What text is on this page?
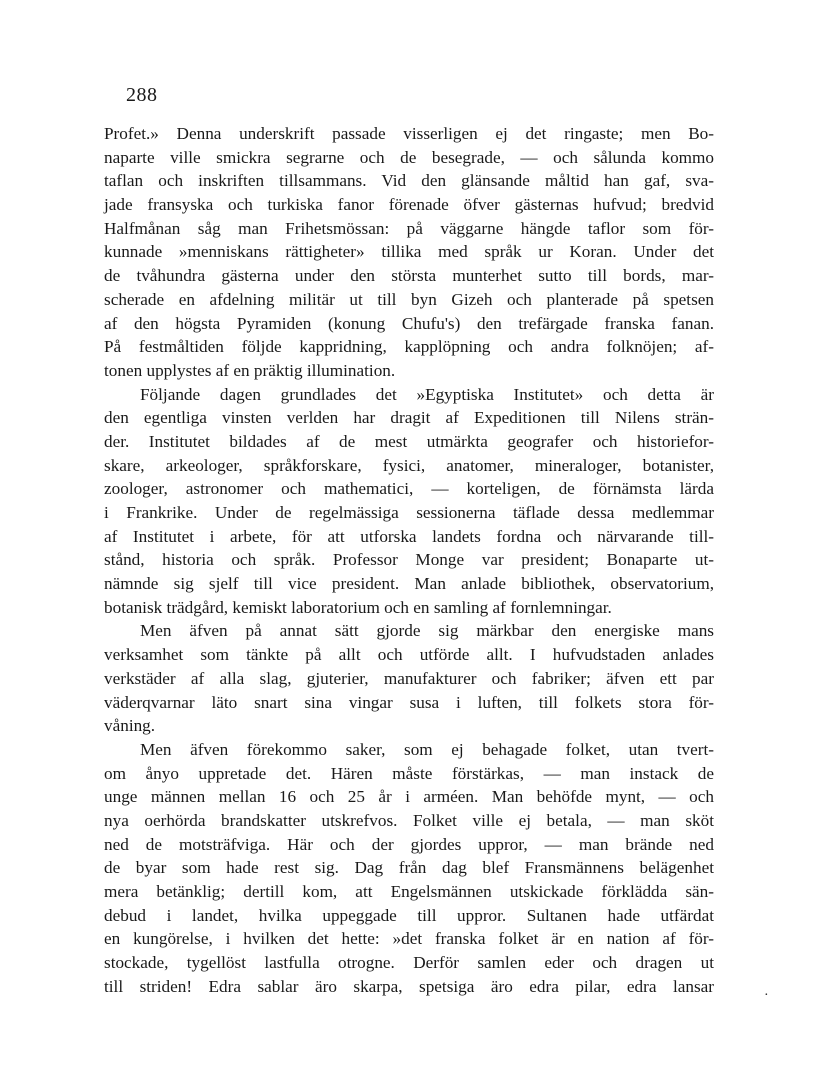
288
Profet.» Denna underskrift passade visserligen ej det ringaste; men Bo-
naparte ville smickra segrarne och de besegrade, — och sålunda kommo
taflan och inskriften tillsammans. Vid den glänsande måltid han gaf, sva-
jade fransyska och turkiska fanor förenade öfver gästernas hufvud; bredvid
Halfmånan såg man Frihetsmössan: på väggarne hängde taflor som för-
kunnade »menniskans rättigheter» tillika med språk ur Koran. Under det
de tvåhundra gästerna under den största munterhet sutto till bords, mar-
scherade en afdelning militär ut till byn Gizeh och planterade på spetsen
af den högsta Pyramiden (konung Chufu's) den trefärgade franska fanan.
På festmåltiden följde kappridning, kapplöpning och andra folknöjen; af-
tonen upplystes af en präktig illumination.
Följande dagen grundlades det »Egyptiska Institutet» och detta är
den egentliga vinsten verlden har dragit af Expeditionen till Nilens strän-
der. Institutet bildades af de mest utmärkta geografer och historiefor-
skare, arkeologer, språkforskare, fysici, anatomer, mineraloger, botanister,
zoologer, astronomer och mathematici, — korteligen, de förnämsta lärda
i Frankrike. Under de regelmässiga sessionerna täflade dessa medlemmar
af Institutet i arbete, för att utforska landets fordna och närvarande till-
stånd, historia och språk. Professor Monge var president; Bonaparte ut-
nämnde sig sjelf till vice president. Man anlade bibliothek, observatorium,
botanisk trädgård, kemiskt laboratorium och en samling af fornlemningar.
Men äfven på annat sätt gjorde sig märkbar den energiske mans
verksamhet som tänkte på allt och utförde allt. I hufvudstaden anlades
verkstäder af alla slag, gjuterier, manufakturer och fabriker; äfven ett par
väderqvarnar läto snart sina vingar susa i luften, till folkets stora för-
våning.
Men äfven förekommo saker, som ej behagade folket, utan tvert-
om ånyo uppretade det. Hären måste förstärkas, — man instack de
unge männen mellan 16 och 25 år i arméen. Man behöfde mynt, — och
nya oerhörda brandskatter utskrefvos. Folket ville ej betala, — man sköt
ned de motsträfviga. Här och der gjordes uppror, — man brände ned
de byar som hade rest sig. Dag från dag blef Fransmännens belägenhet
mera betänklig; dertill kom, att Engelsmännen utskickade förklädda sän-
debud i landet, hvilka uppeggade till uppror. Sultanen hade utfärdat
en kungörelse, i hvilken det hette: »det franska folket är en nation af för-
stockade, tygellöst lastfulla otrogne. Derför samlen eder och dragen ut
till striden! Edra sablar äro skarpa, spetsiga äro edra pilar, edra lansar	·
